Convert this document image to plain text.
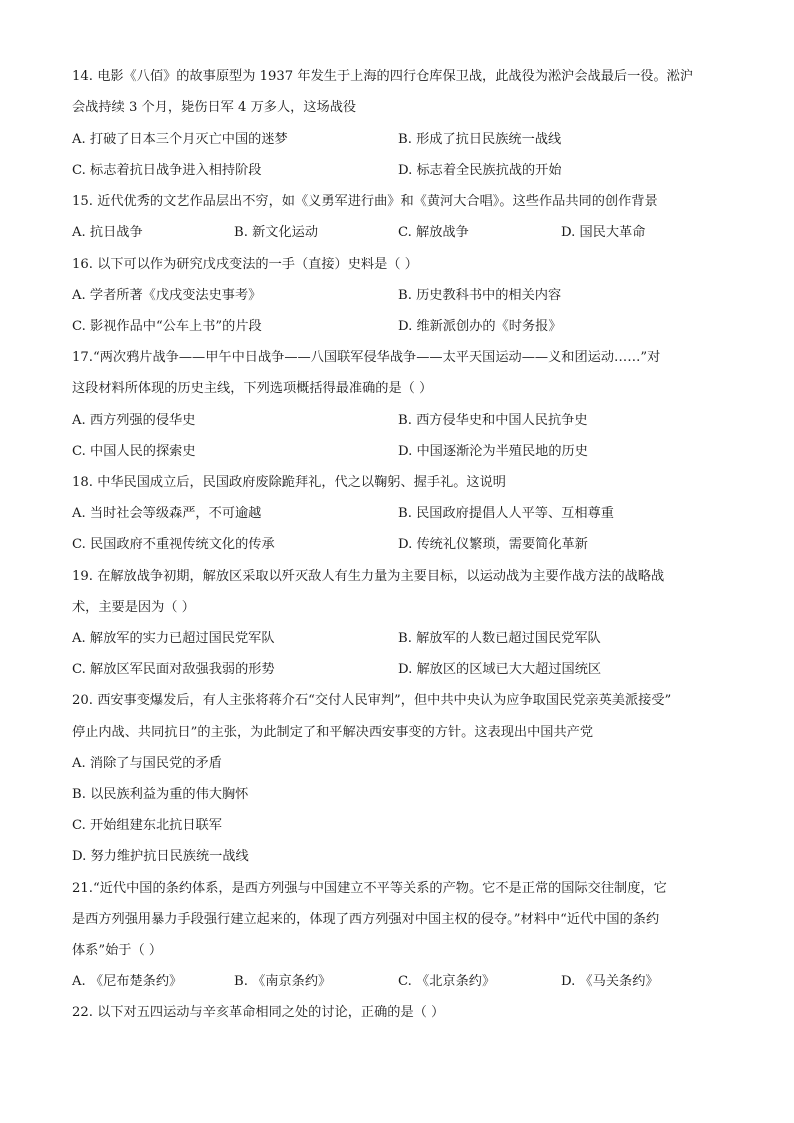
14. 电影《八佰》的故事原型为 1937 年发生于上海的四行仓库保卫战，此战役为淞沪会战最后一役。淞沪
会战持续 3 个月，毙伤日军 4 万多人，这场战役
A. 打破了日本三个月灭亡中国的迷梦	B. 形成了抗日民族统一战线
C. 标志着抗日战争进入相持阶段	D. 标志着全民族抗战的开始
15. 近代优秀的文艺作品层出不穷，如《义勇军进行曲》和《黄河大合唱》。这些作品共同的创作背景
A. 抗日战争	B. 新文化运动	C. 解放战争	D. 国民大革命
16. 以下可以作为研究戊戌变法的一手（直接）史料是（ ）
A. 学者所著《戊戌变法史事考》	B. 历史教科书中的相关内容
C. 影视作品中“公车上书”的片段	D. 维新派创办的《时务报》
17.“两次鸦片战争——甲午中日战争——八国联军侵华战争——太平天国运动——义和团运动……”对
这段材料所体现的历史主线，下列选项概括得最准确的是（ ）
A. 西方列强的侵华史	B. 西方侵华史和中国人民抗争史
C. 中国人民的探索史	D. 中国逐渐沦为半殖民地的历史
18. 中华民国成立后，民国政府废除跪拜礼，代之以鞠躬、握手礼。这说明
A. 当时社会等级森严，不可逾越	B. 民国政府提倡人人平等、互相尊重
C. 民国政府不重视传统文化的传承	D. 传统礼仪繁琐，需要简化革新
19. 在解放战争初期，解放区采取以歼灭敌人有生力量为主要目标，以运动战为主要作战方法的战略战
术，主要是因为（ ）
A. 解放军的实力已超过国民党军队	B. 解放军的人数已超过国民党军队
C. 解放区军民面对敌强我弱的形势	D. 解放区的区域已大大超过国统区
20. 西安事变爆发后，有人主张将蒋介石“交付人民审判”，但中共中央认为应争取国民党亲英美派接受”
停止内战、共同抗日”的主张，为此制定了和平解决西安事变的方针。这表现出中国共产党
A. 消除了与国民党的矛盾
B. 以民族利益为重的伟大胸怀
C. 开始组建东北抗日联军
D. 努力维护抗日民族统一战线
21.“近代中国的条约体系，是西方列强与中国建立不平等关系的产物。它不是正常的国际交往制度，它
是西方列强用暴力手段强行建立起来的，体现了西方列强对中国主权的侵夺。”材料中“近代中国的条约
体系”始于（ ）
A. 《尼布楚条约》	B. 《南京条约》	C. 《北京条约》	D. 《马关条约》
22. 以下对五四运动与辛亥革命相同之处的讨论，正确的是（ ）
